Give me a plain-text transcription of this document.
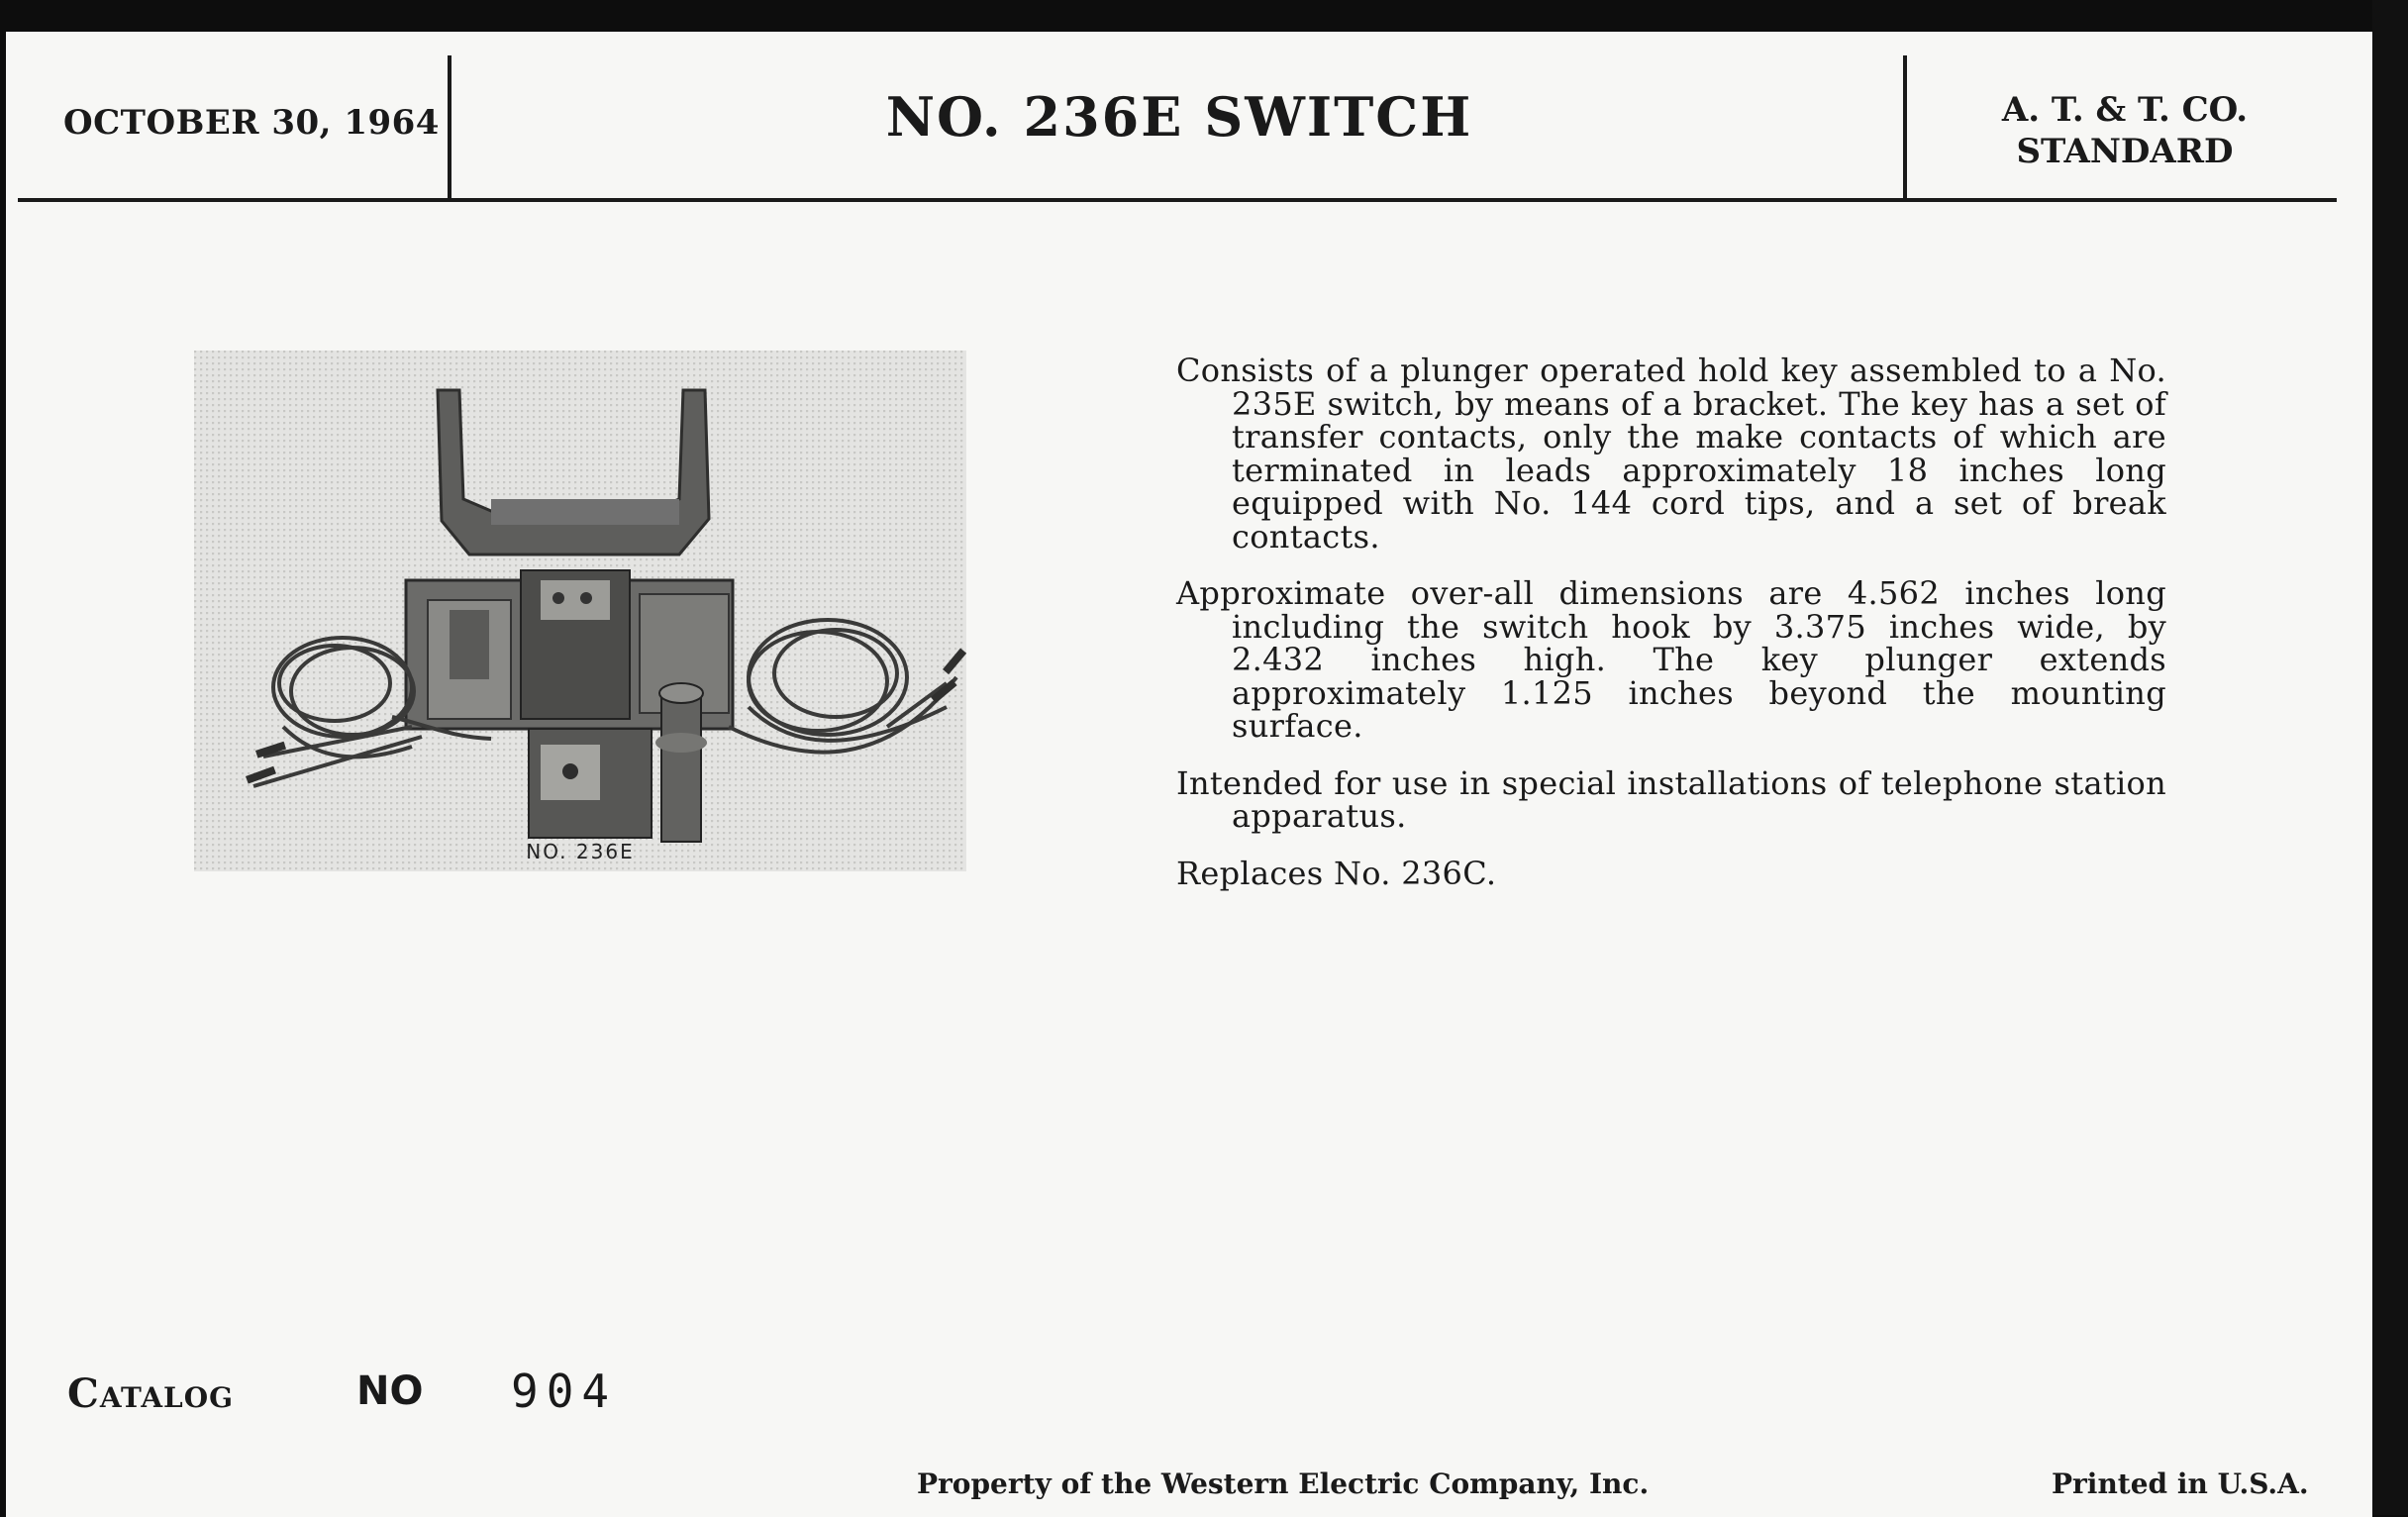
OCTOBER 30, 1964	NO. 236E SWITCH	A. T. & T. CO.
STANDARD
NO. 236E

Consists of a plunger operated hold key assembled to a No. 235E switch, by means of a bracket. The key has a set of transfer contacts, only the make contacts of which are terminated in leads approximately 18 inches long equipped with No. 144 cord tips, and a set of break contacts.

Approximate over-all dimensions are 4.562 inches long including the switch hook by 3.375 inches wide, by 2.432 inches high. The key plunger extends approximately 1.125 inches beyond the mounting surface.

Intended for use in special installations of telephone station apparatus.

Replaces No. 236C.

Catalog	NO 904
Property of the Western Electric Company, Inc.	Printed in U.S.A.
